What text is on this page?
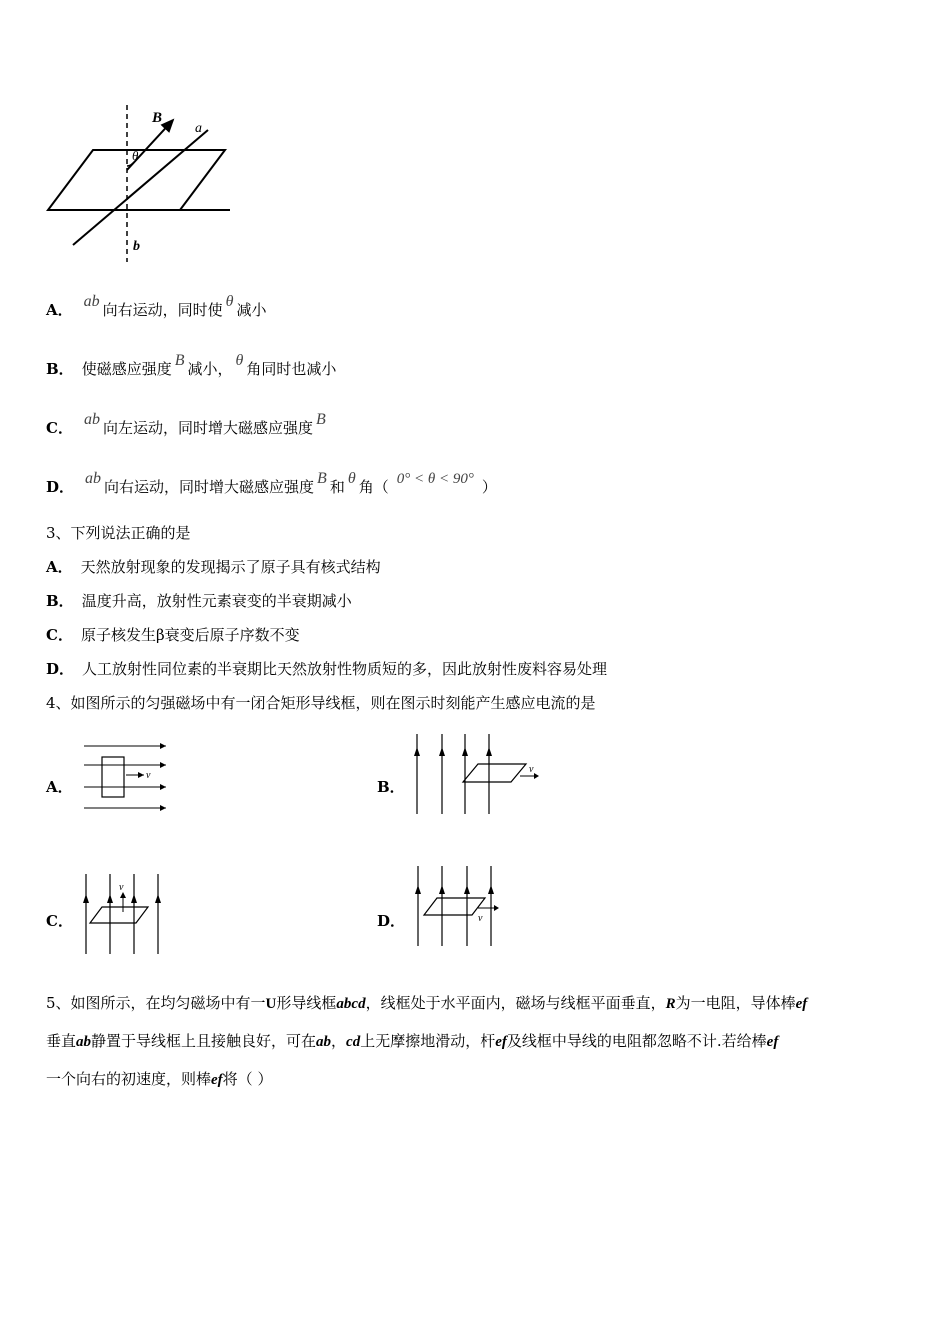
B
a
θ
b
A． ab 向右运动，同时使 θ 减小
B． 使磁感应强度 B 减小， θ 角同时也减小
C． ab 向左运动，同时增大磁感应强度 B
D． ab 向右运动，同时增大磁感应强度 B 和 θ 角（ 0° < θ < 90° ）
3、下列说法正确的是
A． 天然放射现象的发现揭示了原子具有核式结构
B． 温度升高，放射性元素衰变的半衰期减小
C． 原子核发生β衰变后原子序数不变
D． 人工放射性同位素的半衰期比天然放射性物质短的多，因此放射性废料容易处理
4、如图所示的匀强磁场中有一闭合矩形导线框，则在图示时刻能产生感应电流的是
A．
v
B．
v
C．
v
D．	v
5、如图所示，在均匀磁场中有一U形导线框abcd，线框处于水平面内，磁场与线框平面垂直，R为一电阻，导体棒ef
垂直ab静置于导线框上且接触良好，可在ab，cd上无摩擦地滑动，杆ef及线框中导线的电阻都忽略不计.若给棒ef
一个向右的初速度，则棒ef将（ ）
